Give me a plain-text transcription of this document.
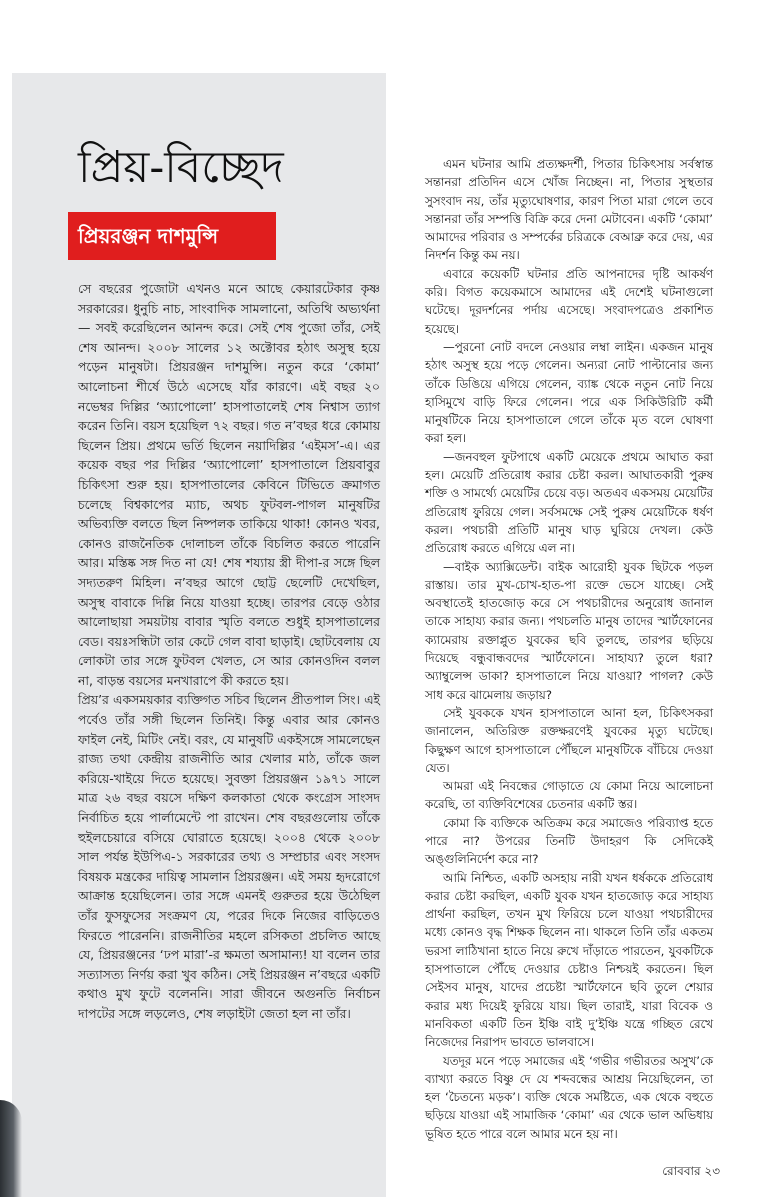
প্রিয়-বিচ্ছেদ
প্রিয়রঞ্জন দাশমুন্সি

সে বছরের পুজোটা এখনও মনে আছে কেয়ারটেকার কৃষ্ণ সরকারের। ধুনুচি নাচ, সাংবাদিক সামলানো, অতিথি অভ্যর্থনা— সবই করেছিলেন আনন্দ করে। সেই শেষ পুজো তাঁর, সেই শেষ আনন্দ। ২০০৮ সালের ১২ অক্টোবর হঠাৎ অসুস্থ হয়ে পড়েন মানুষটা। প্রিয়রঞ্জন দাশমুন্সি। নতুন করে ‘কোমা’ আলোচনা শীর্ষে উঠে এসেছে যাঁর কারণে। এই বছর ২০ নভেম্বর দিল্লির ‘অ্যাপোলো’ হাসপাতালেই শেষ নিশ্বাস ত্যাগ করেন তিনি। বয়স হয়েছিল ৭২ বছর। গত ন’বছর ধরে কোমায় ছিলেন প্রিয়। প্রথমে ভর্তি ছিলেন নয়াদিল্লির ‘এইমস’-এ। এর কয়েক বছর পর দিল্লির ‘অ্যাপোলো’ হাসপাতালে প্রিয়বাবুর চিকিৎসা শুরু হয়। হাসপাতালের কেবিনে টিভিতে ক্রমাগত চলেছে বিশ্বকাপের ম্যাচ, অথচ ফুটবল-পাগল মানুষটির অভিব্যক্তি বলতে ছিল নিষ্পলক তাকিয়ে থাকা! কোনও খবর, কোনও রাজনৈতিক দোলাচল তাঁকে বিচলিত করতে পারেনি আর। মস্তিষ্ক সঙ্গ দিত না যে! শেষ শয্যায় স্ত্রী দীপা-র সঙ্গে ছিল সদ্যতরুণ মিহিল। ন’বছর আগে ছোট্ট ছেলেটি দেখেছিল, অসুস্থ বাবাকে দিল্লি নিয়ে যাওয়া হচ্ছে। তারপর বেড়ে ওঠার আলোছায়া সময়টায় বাবার স্মৃতি বলতে শুধুই হাসপাতালের বেড। বয়ঃসন্ধিটা তার কেটে গেল বাবা ছাড়াই। ছোটবেলায় যে লোকটা তার সঙ্গে ফুটবল খেলত, সে আর কোনওদিন বলল না, বাড়ন্ত বয়সের মনখারাপে কী করতে হয়।

প্রিয়’র একসময়কার ব্যক্তিগত সচিব ছিলেন প্রীতপাল সিং। এই পর্বেও তাঁর সঙ্গী ছিলেন তিনিই। কিন্তু এবার আর কোনও ফাইল নেই, মিটিং নেই। বরং, যে মানুষটি একইসঙ্গে সামলেছেন রাজ্য তথা কেন্দ্রীয় রাজনীতি আর খেলার মাঠ, তাঁকে জল করিয়ে-খাইয়ে দিতে হয়েছে। সুবক্তা প্রিয়রঞ্জন ১৯৭১ সালে মাত্র ২৬ বছর বয়সে দক্ষিণ কলকাতা থেকে কংগ্রেস সাংসদ নির্বাচিত হয়ে পার্লামেন্টে পা রাখেন। শেষ বছরগুলোয় তাঁকে হুইলচেয়ারে বসিয়ে ঘোরাতে হয়েছে। ২০০৪ থেকে ২০০৮ সাল পর্যন্ত ইউপিএ-১ সরকারের তথ্য ও সম্প্রচার এবং সংসদ বিষয়ক মন্ত্রকের দায়িত্ব সামলান প্রিয়রঞ্জন। এই সময় হৃদরোগে আক্রান্ত হয়েছিলেন। তার সঙ্গে এমনই গুরুতর হয়ে উঠেছিল তাঁর ফুসফুসের সংক্রমণ যে, পরের দিকে নিজের বাড়িতেও ফিরতে পারেননি। রাজনীতির মহলে রসিকতা প্রচলিত আছে যে, প্রিয়রঞ্জনের ‘ঢপ মারা’-র ক্ষমতা অসামান্য! যা বলেন তার সত্যাসত্য নির্ণয় করা খুব কঠিন। সেই প্রিয়রঞ্জন ন’বছরে একটি কথাও মুখ ফুটে বলেননি। সারা জীবনে অগুনতি নির্বাচন দাপটের সঙ্গে লড়লেও, শেষ লড়াইটা জেতা হল না তাঁর।

এমন ঘটনার আমি প্রত্যক্ষদর্শী, পিতার চিকিৎসায় সর্বস্বান্ত সন্তানরা প্রতিদিন এসে খোঁজ নিচ্ছেন। না, পিতার সুস্থতার সুসংবাদ নয়, তাঁর মৃত্যুঘোষণার, কারণ পিতা মারা গেলে তবে সন্তানরা তাঁর সম্পত্তি বিক্রি করে দেনা মেটাবেন। একটি ‘কোমা’ আমাদের পরিবার ও সম্পর্কের চরিত্রকে বেআব্রু করে দেয়, এর নিদর্শন কিন্তু কম নয়।

এবারে কয়েকটি ঘটনার প্রতি আপনাদের দৃষ্টি আকর্ষণ করি। বিগত কয়েকমাসে আমাদের এই দেশেই ঘটনাগুলো ঘটেছে। দূরদর্শনের পর্দায় এসেছে। সংবাদপত্রেও প্রকাশিত হয়েছে।

—পুরনো নোট বদলে নেওয়ার লম্বা লাইন। একজন মানুষ হঠাৎ অসুস্থ হয়ে পড়ে গেলেন। অন্যরা নোট পাল্টানোর জন্য তাঁকে ডিঙিয়ে এগিয়ে গেলেন, ব্যাঙ্ক থেকে নতুন নোট নিয়ে হাসিমুখে বাড়ি ফিরে গেলেন। পরে এক সিকিউরিটি কর্মী মানুষটিকে নিয়ে হাসপাতালে গেলে তাঁকে মৃত বলে ঘোষণা করা হল।

—জনবহুল ফুটপাথে একটি মেয়েকে প্রথমে আঘাত করা হল। মেয়েটি প্রতিরোধ করার চেষ্টা করল। আঘাতকারী পুরুষ শক্তি ও সামর্থ্যে মেয়েটির চেয়ে বড়। অতএব একসময় মেয়েটির প্রতিরোধ ফুরিয়ে গেল। সর্বসমক্ষে সেই পুরুষ মেয়েটিকে ধর্ষণ করল। পথচারী প্রতিটি মানুষ ঘাড় ঘুরিয়ে দেখল। কেউ প্রতিরোধ করতে এগিয়ে এল না।

—বাইক অ্যাক্সিডেন্ট। বাইক আরোহী যুবক ছিটকে পড়ল রাস্তায়। তার মুখ-চোখ-হাত-পা রক্তে ভেসে যাচ্ছে। সেই অবস্থাতেই হাতজোড় করে সে পথচারীদের অনুরোধ জানাল তাকে সাহায্য করার জন্য। পথচলতি মানুষ তাদের স্মার্টফোনের ক্যামেরায় রক্তাপ্লুত যুবকের ছবি তুলছে, তারপর ছড়িয়ে দিয়েছে বন্ধুবান্ধবদের স্মার্টফোনে। সাহায্য? তুলে ধরা? অ্যাম্বুলেন্স ডাকা? হাসপাতালে নিয়ে যাওয়া? পাগল? কেউ সাধ করে ঝামেলায় জড়ায়?

সেই যুবককে যখন হাসপাতালে আনা হল, চিকিৎসকরা জানালেন, অতিরিক্ত রক্তক্ষরণেই যুবকের মৃত্যু ঘটেছে। কিছুক্ষণ আগে হাসপাতালে পৌঁছলে মানুষটিকে বাঁচিয়ে দেওয়া যেত।

আমরা এই নিবন্ধের গোড়াতে যে কোমা নিয়ে আলোচনা করেছি, তা ব্যক্তিবিশেষের চেতনার একটি স্তর।

কোমা কি ব্যক্তিকে অতিক্রম করে সমাজেও পরিব্যাপ্ত হতে পারে না? উপরের তিনটি উদাহরণ কি সেদিকেই অঙ্গুলিনির্দেশ করে না?

আমি নিশ্চিত, একটি অসহায় নারী যখন ধর্ষককে প্রতিরোধ করার চেষ্টা করছিল, একটি যুবক যখন হাতজোড় করে সাহায্য প্রার্থনা করছিল, তখন মুখ ফিরিয়ে চলে যাওয়া পথচারীদের মধ্যে কোনও বৃদ্ধ শিক্ষক ছিলেন না। থাকলে তিনি তাঁর একতম ভরসা লাঠিখানা হাতে নিয়ে রুখে দাঁড়াতে পারতেন, যুবকটিকে হাসপাতালে পৌঁছে দেওয়ার চেষ্টাও নিশ্চয়ই করতেন। ছিল সেইসব মানুষ, যাদের প্রচেষ্টা স্মার্টফোনে ছবি তুলে শেয়ার করার মধ্য দিয়েই ফুরিয়ে যায়। ছিল তারাই, যারা বিবেক ও মানবিকতা একটি তিন ইঞ্চি বাই দু’ইঞ্চি যন্ত্রে গচ্ছিত রেখে নিজেদের নিরাপদ ভাবতে ভালবাসে।

যতদূর মনে পড়ে সমাজের এই ‘গভীর গভীরতর অসুখ’কে ব্যাখ্যা করতে বিষ্ণু দে যে শব্দবন্ধের আশ্রয় নিয়েছিলেন, তা হল ‘চৈতন্যে মড়ক’। ব্যক্তি থেকে সমষ্টিতে, এক থেকে বহুতে ছড়িয়ে যাওয়া এই সামাজিক ‘কোমা’ এর থেকে ভাল অভিধায় ভূষিত হতে পারে বলে আমার মনে হয় না।

রোববার ২৩
